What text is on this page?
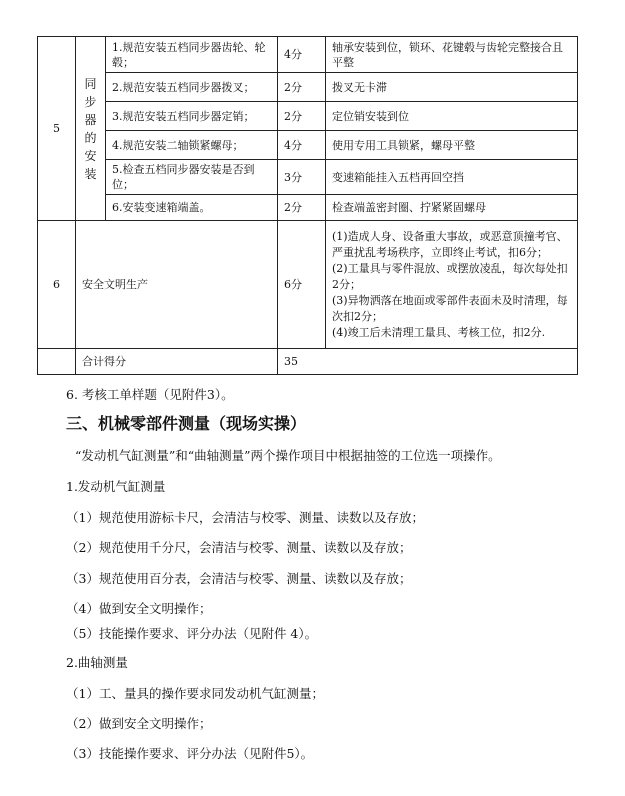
5	同步器的安装	1.规范安装五档同步器齿轮、轮毂；	4分	轴承安装到位，锁环、花键毂与齿轮完整接合且平整
		2.规范安装五档同步器拨叉；	2分	拨叉无卡滞
		3.规范安装五档同步器定销；	2分	定位销安装到位
		4.规范安装二轴锁紧螺母；	4分	使用专用工具锁紧，螺母平整
		5.检查五档同步器安装是否到位；	3分	变速箱能挂入五档再回空挡
		6.安装变速箱端盖。	2分	检查端盖密封圈、拧紧紧固螺母
6	安全文明生产		6分	(1)造成人身、设备重大事故，或恶意顶撞考官、严重扰乱考场秩序，立即终止考试，扣6分；
(2)工量具与零件混放、或摆放凌乱，每次每处扣2分；
(3)异物洒落在地面或零部件表面未及时清理，每次扣2分；
(4)竣工后未清理工量具、考核工位，扣2分.

	合计得分		35	
6. 考核工单样题（见附件3）。
三、机械零部件测量（现场实操）
“发动机气缸测量”和“曲轴测量”两个操作项目中根据抽签的工位选一项操作。
1.发动机气缸测量
（1）规范使用游标卡尺，会清洁与校零、测量、读数以及存放；
（2）规范使用千分尺，会清洁与校零、测量、读数以及存放；
（3）规范使用百分表，会清洁与校零、测量、读数以及存放；
（4）做到安全文明操作；
（5）技能操作要求、评分办法（见附件 4）。
2.曲轴测量
（1）工、量具的操作要求同发动机气缸测量；
（2）做到安全文明操作；
（3）技能操作要求、评分办法（见附件5）。
